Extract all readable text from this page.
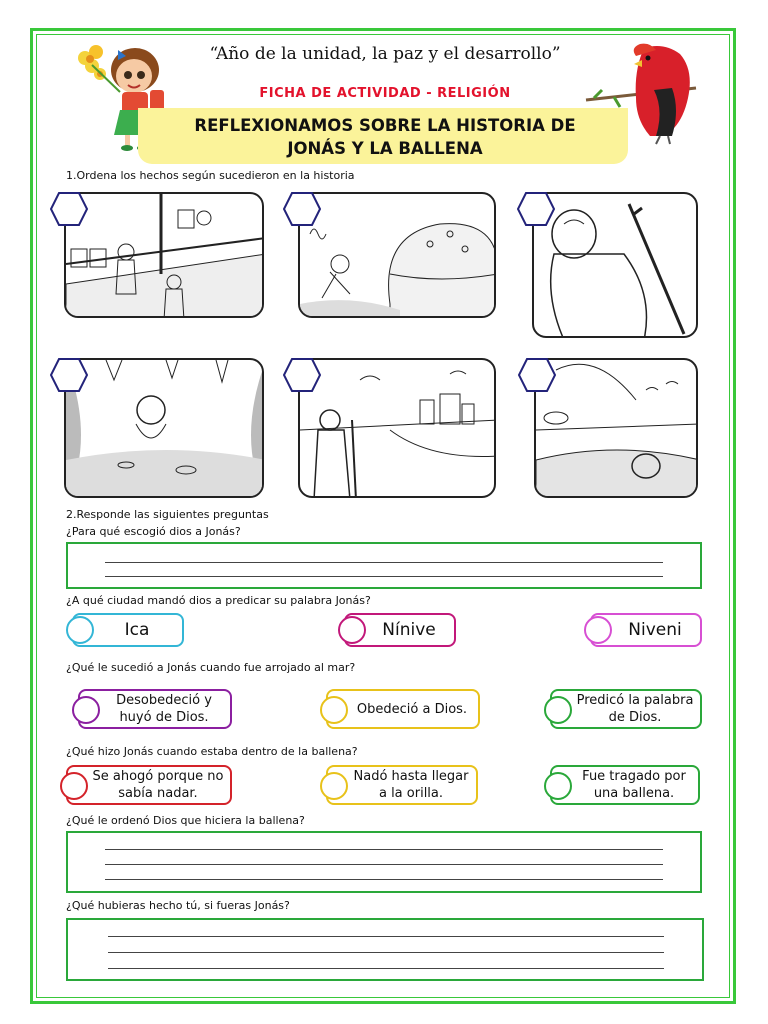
“Año de la unidad, la paz y el desarrollo”
FICHA DE ACTIVIDAD - RELIGIÓN
REFLEXIONAMOS SOBRE LA HISTORIA DE
JONÁS Y LA BALLENA
1.Ordena los hechos según sucedieron en la historia
2.Responde las siguientes preguntas
¿Para qué escogió dios a Jonás?
¿A qué ciudad mandó dios a predicar su palabra Jonás?
Ica	Nínive	Niveni
¿Qué le sucedió a Jonás cuando fue arrojado al mar?
Desobedeció y huyó de Dios.
Obedeció a Dios.
Predicó la palabra de Dios.
¿Qué hizo Jonás cuando estaba dentro de la ballena?
Se ahogó porque no sabía nadar.
Nadó hasta llegar a la orilla.
Fue tragado por una ballena.
¿Qué le ordenó Dios que hiciera la ballena?
¿Qué hubieras hecho tú, si fueras Jonás?
